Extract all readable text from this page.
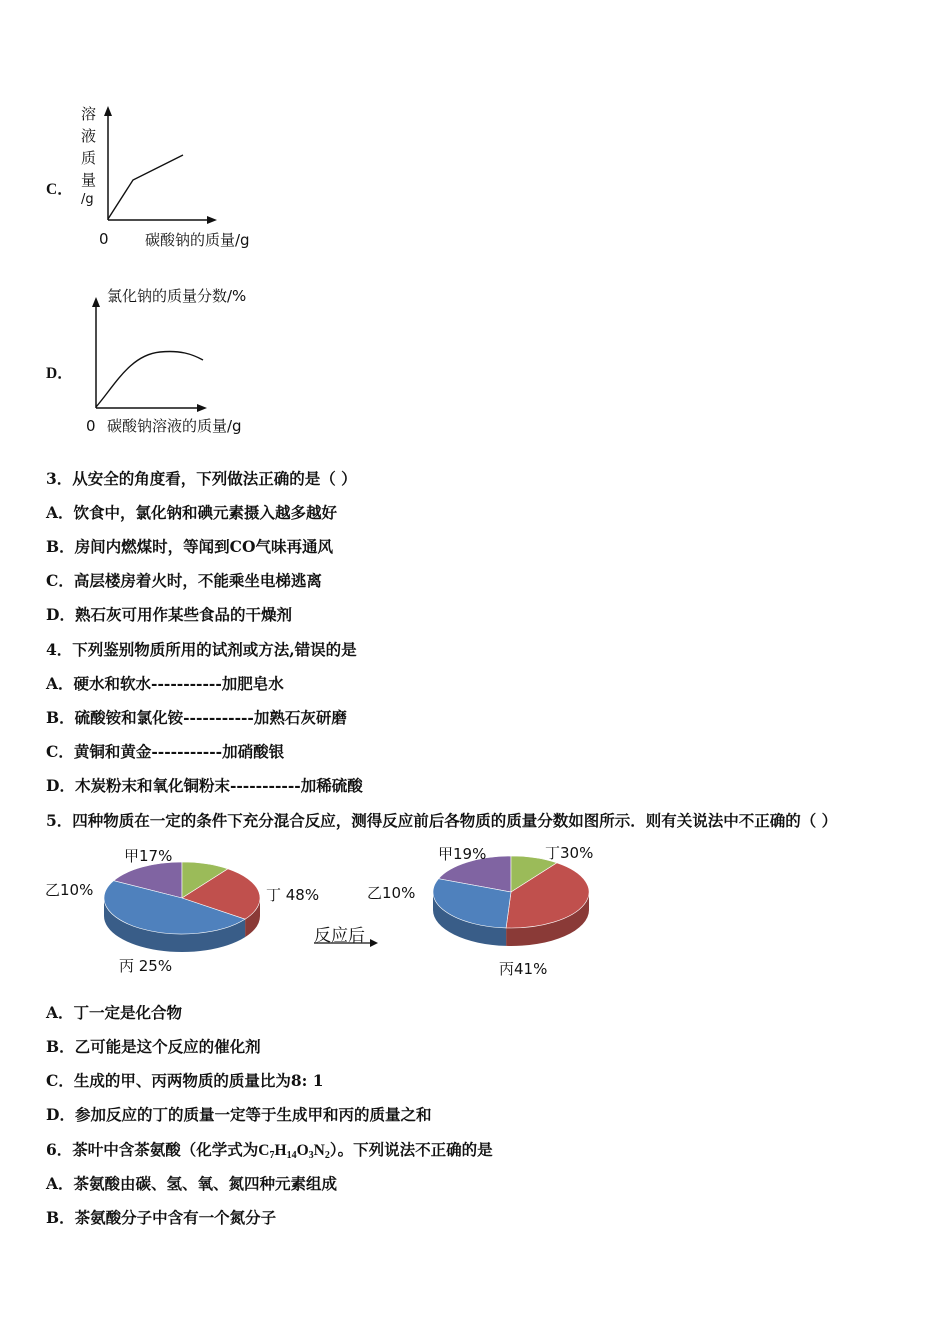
C．
溶
液
质
量
/g
0 碳酸钠的质量/g
D．
氯化钠的质量分数/%
0 碳酸钠溶液的质量/g
3．从安全的角度看，下列做法正确的是（ ）
A．饮食中，氯化钠和碘元素摄入越多越好
B．房间内燃煤时，等闻到CO气味再通风
C．高层楼房着火时，不能乘坐电梯逃离
D．熟石灰可用作某些食品的干燥剂
4．下列鉴别物质所用的试剂或方法,错误的是
A．硬水和软水-----------加肥皂水
B．硫酸铵和氯化铵-----------加熟石灰研磨
C．黄铜和黄金-----------加硝酸银
D．木炭粉末和氧化铜粉末-----------加稀硫酸
5．四种物质在一定的条件下充分混合反应，测得反应前后各物质的质量分数如图所示．则有关说法中不正确的（ ）
甲17%
乙10%	丁 48%
丙 25%
反应后
甲19%
乙10%
丁30%
丙41%
A．丁一定是化合物
B．乙可能是这个反应的催化剂
C．生成的甲、丙两物质的质量比为8: 1
D．参加反应的丁的质量一定等于生成甲和丙的质量之和
6．茶叶中含茶氨酸（化学式为$C_7H_{14}O_3N_2$）。下列说法不正确的是
A．茶氨酸由碳、氢、氧、氮四种元素组成
B．茶氨酸分子中含有一个氮分子
